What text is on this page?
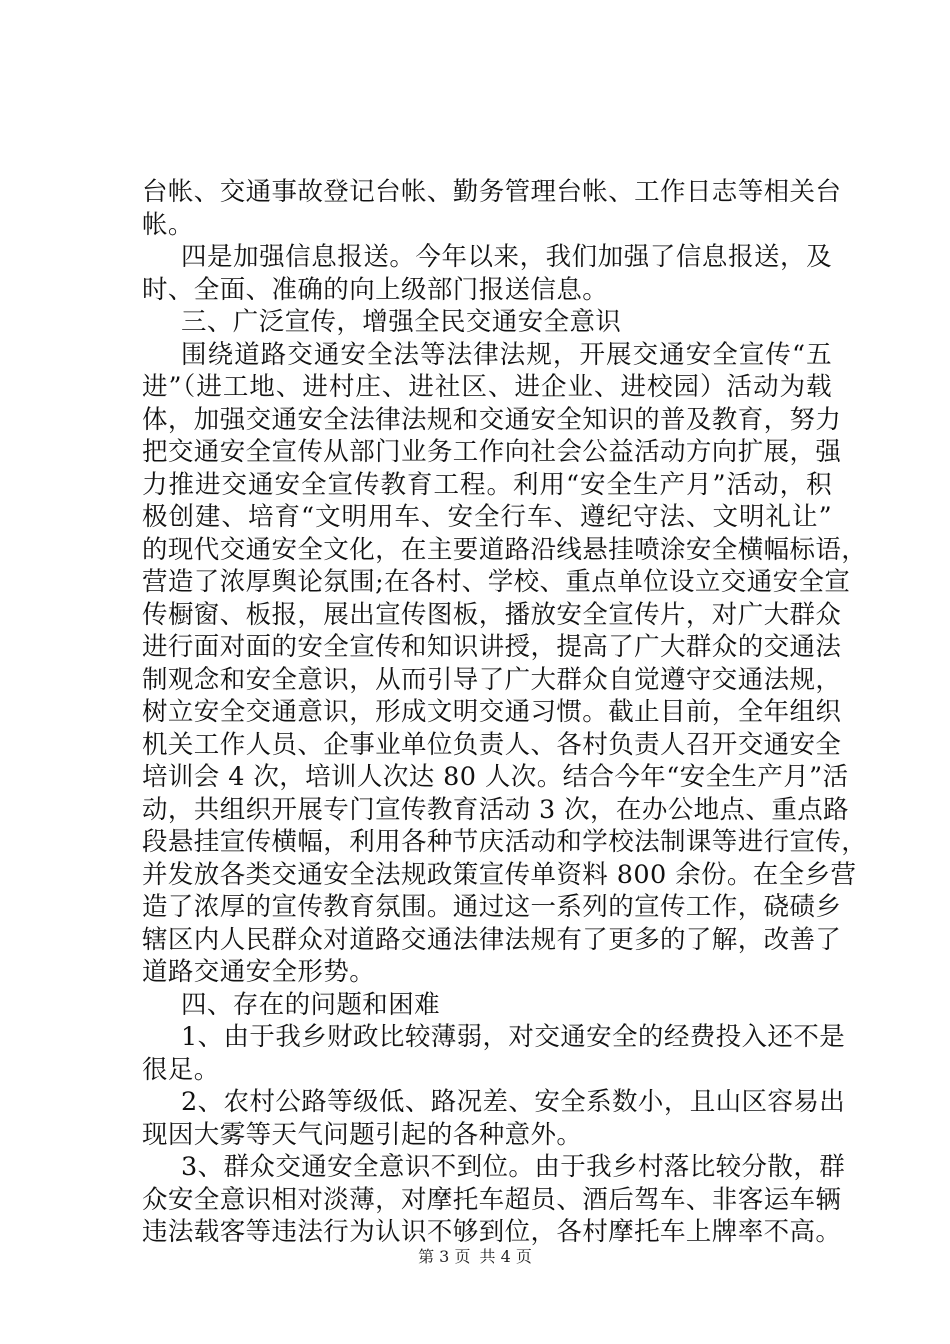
台帐、交通事故登记台帐、勤务管理台帐、工作日志等相关台
帐。
四是加强信息报送。今年以来，我们加强了信息报送，及
时、全面、准确的向上级部门报送信息。
三、广泛宣传，增强全民交通安全意识
围绕道路交通安全法等法律法规，开展交通安全宣传“五
进”（进工地、进村庄、进社区、进企业、进校园）活动为载
体，加强交通安全法律法规和交通安全知识的普及教育，努力
把交通安全宣传从部门业务工作向社会公益活动方向扩展，强
力推进交通安全宣传教育工程。利用“安全生产月”活动，积
极创建、培育“文明用车、安全行车、遵纪守法、文明礼让”
的现代交通安全文化，在主要道路沿线悬挂喷涂安全横幅标语，
营造了浓厚舆论氛围;在各村、学校、重点单位设立交通安全宣
传橱窗、板报，展出宣传图板，播放安全宣传片，对广大群众
进行面对面的安全宣传和知识讲授，提高了广大群众的交通法
制观念和安全意识，从而引导了广大群众自觉遵守交通法规，
树立安全交通意识，形成文明交通习惯。截止目前，全年组织
机关工作人员、企事业单位负责人、各村负责人召开交通安全
培训会 4 次，培训人次达 80 人次。结合今年“安全生产月”活
动，共组织开展专门宣传教育活动 3 次，在办公地点、重点路
段悬挂宣传横幅，利用各种节庆活动和学校法制课等进行宣传，
并发放各类交通安全法规政策宣传单资料 800 余份。在全乡营
造了浓厚的宣传教育氛围。通过这一系列的宣传工作，硗碛乡
辖区内人民群众对道路交通法律法规有了更多的了解，改善了
道路交通安全形势。
四、存在的问题和困难
1、由于我乡财政比较薄弱，对交通安全的经费投入还不是
很足。
2、农村公路等级低、路况差、安全系数小，且山区容易出
现因大雾等天气问题引起的各种意外。
3、群众交通安全意识不到位。由于我乡村落比较分散，群
众安全意识相对淡薄，对摩托车超员、酒后驾车、非客运车辆
违法载客等违法行为认识不够到位，各村摩托车上牌率不高。
第 3 页 共 4 页
